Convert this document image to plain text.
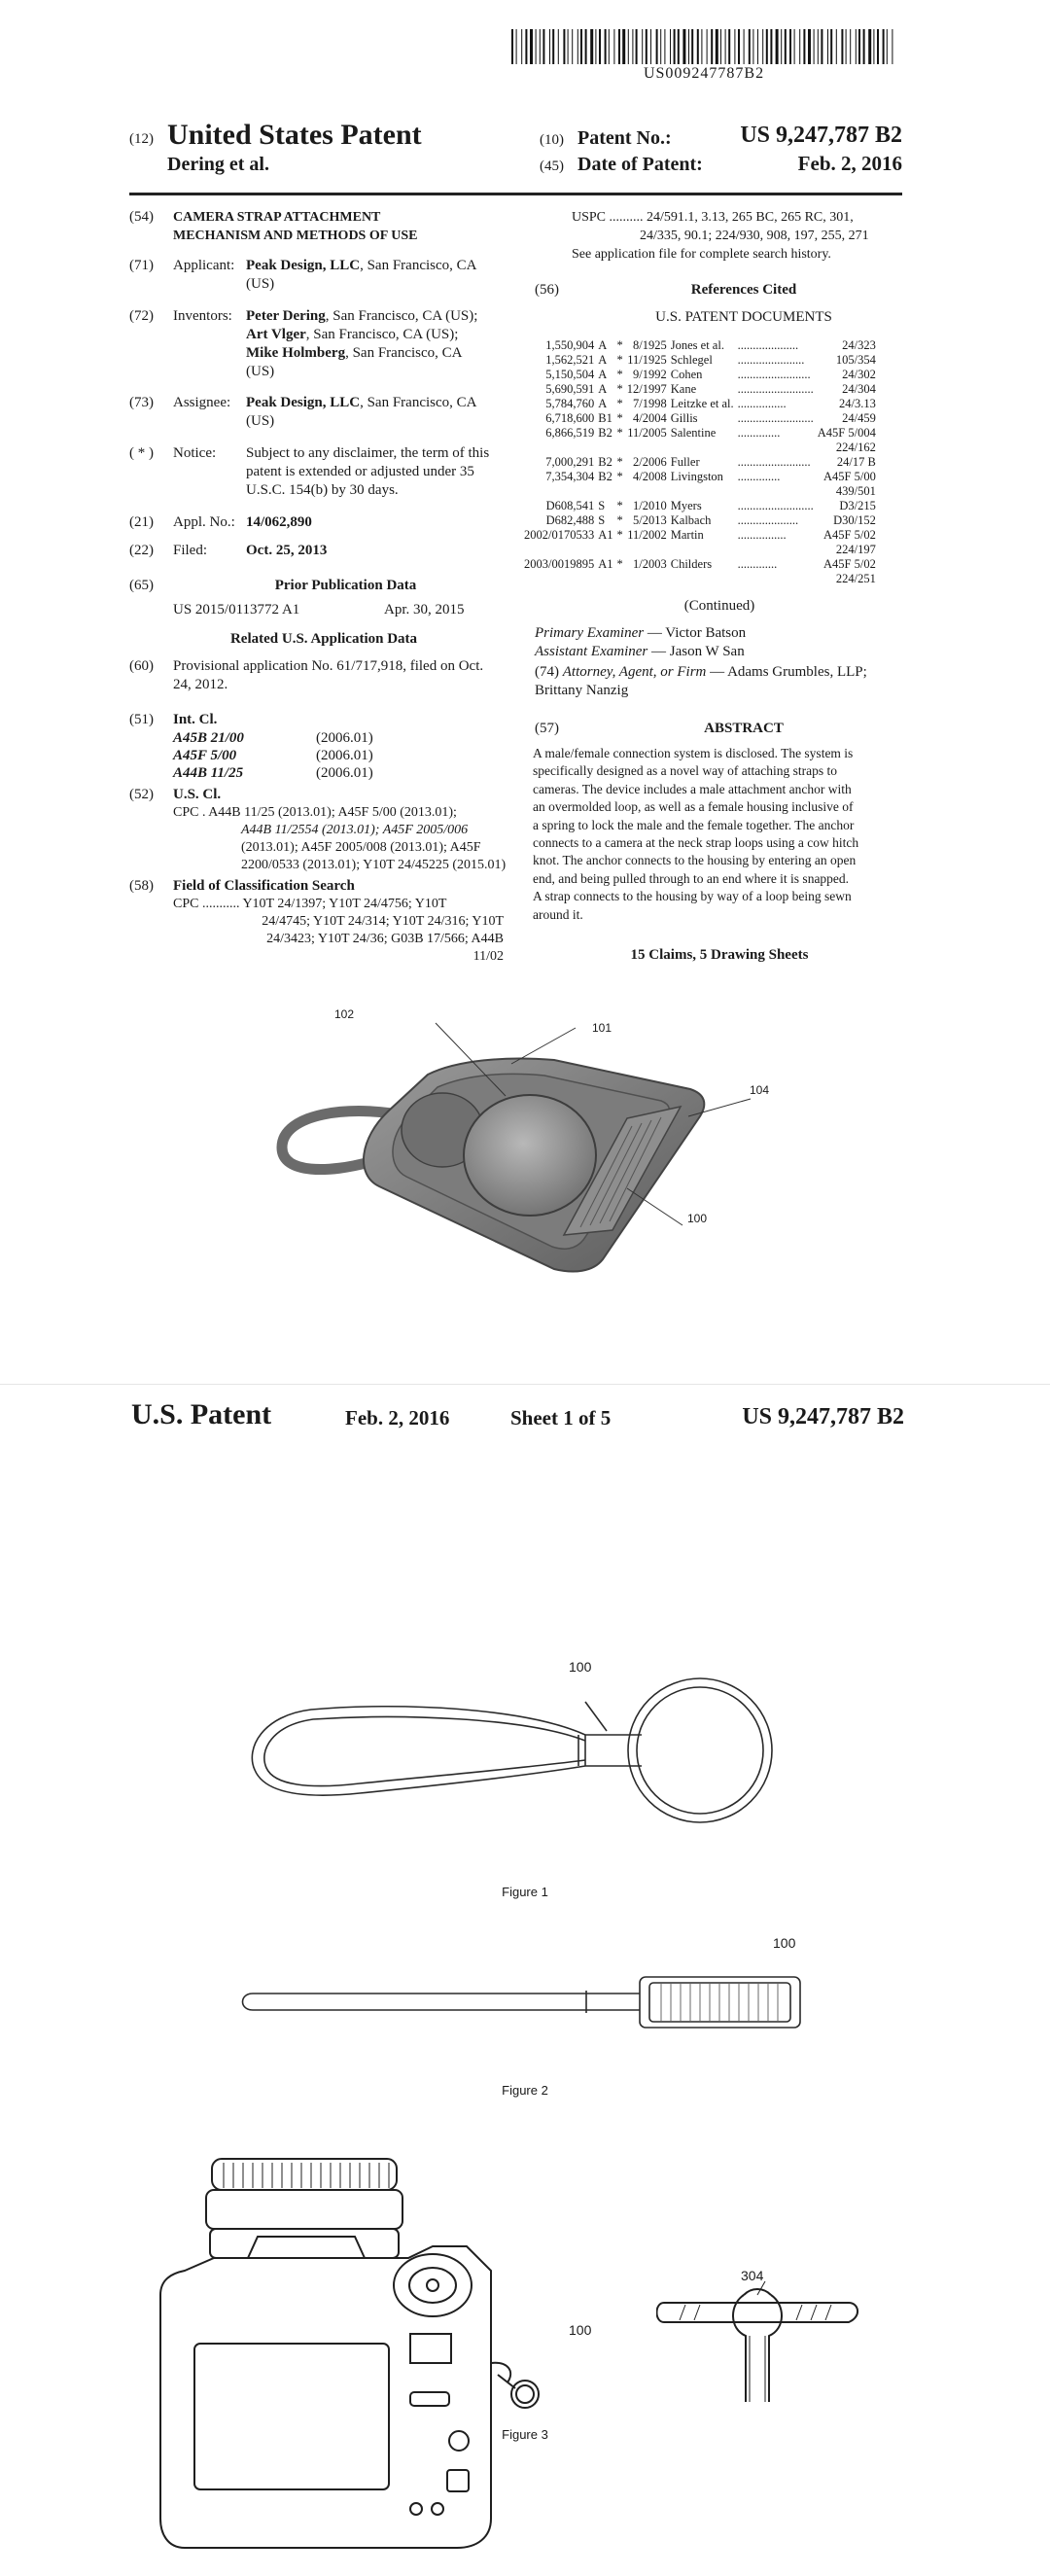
US009247787B2
(12) United States Patent
Dering et al.
(10) Patent No.:	US 9,247,787 B2
(45) Date of Patent:	Feb. 2, 2016
(54) CAMERA STRAP ATTACHMENT
MECHANISM AND METHODS OF USE
(71) Applicant: Peak Design, LLC, San Francisco, CA
(US)
(72) Inventors: Peter Dering, San Francisco, CA (US);
Art Vlger, San Francisco, CA (US);
Mike Holmberg, San Francisco, CA
(US)
(73) Assignee: Peak Design, LLC, San Francisco, CA
(US)
( * ) Notice: Subject to any disclaimer, the term of this
patent is extended or adjusted under 35
U.S.C. 154(b) by 30 days.
(21) Appl. No.: 14/062,890
(22) Filed:	Oct. 25, 2013
(65)	Prior Publication Data
US 2015/0113772 A1	Apr. 30, 2015
Related U.S. Application Data
(60) Provisional application No. 61/717,918, filed on Oct.
24, 2012.
(51) Int. Cl.
A45B 21/00	(2006.01)
A45F 5/00	(2006.01)
A44B 11/25	(2006.01)
(52) U.S. Cl.
CPC . A44B 11/25 (2013.01); A45F 5/00 (2013.01);
A44B 11/2554 (2013.01); A45F 2005/006
(2013.01); A45F 2005/008 (2013.01); A45F
2200/0533 (2013.01); Y10T 24/45225 (2015.01)
(58) Field of Classification Search
CPC ........... Y10T 24/1397; Y10T 24/4756; Y10T
24/4745; Y10T 24/314; Y10T 24/316; Y10T
24/3423; Y10T 24/36; G03B 17/566; A44B
11/02
USPC .......... 24/591.1, 3.13, 265 BC, 265 RC, 301,
24/335, 90.1; 224/930, 908, 197, 255, 271
See application file for complete search history.
(56)	References Cited
U.S. PATENT DOCUMENTS
1,550,904	A	*	8/1925	Jones et al.	....................	24/323
1,562,521	A	*	11/1925	Schlegel	......................	105/354
5,150,504	A	*	9/1992	Cohen	........................	24/302
5,690,591	A	*	12/1997	Kane	.........................	24/304
5,784,760	A	*	7/1998	Leitzke et al.	................	24/3.13
6,718,600	B1	*	4/2004	Gillis	.........................	24/459
6,866,519	B2	*	11/2005	Salentine	..............	A45F 5/004
224/162						
7,000,291	B2	*	2/2006	Fuller	........................	24/17 B
7,354,304	B2	*	4/2008	Livingston	..............	A45F 5/00
439/501						
D608,541	S	*	1/2010	Myers	.........................	D3/215
D682,488	S	*	5/2013	Kalbach	....................	D30/152
2002/0170533	A1	*	11/2002	Martin	................	A45F 5/02
224/197						
2003/0019895	A1	*	1/2003	Childers	.............	A45F 5/02
224/251						
(Continued)
Primary Examiner — Victor Batson
Assistant Examiner — Jason W San
(74) Attorney, Agent, or Firm — Adams Grumbles, LLP;
Brittany Nanzig
(57)	ABSTRACT
A male/female connection system is disclosed. The system is
specifically designed as a novel way of attaching straps to
cameras. The device includes a male attachment anchor with
an overmolded loop, as well as a female housing inclusive of
a spring to lock the male and the female together. The anchor
connects to a camera at the neck strap loops using a cow hitch
knot. The anchor connects to the housing by entering an open
end, and being pulled through to an end where it is snapped.
A strap connects to the housing by way of a loop being sewn
around it.
15 Claims, 5 Drawing Sheets
102
101
104
100
U.S. Patent	Feb. 2, 2016	Sheet 1 of 5	US 9,247,787 B2
100
Figure 1
100
Figure 2
100
Figure 3
304
